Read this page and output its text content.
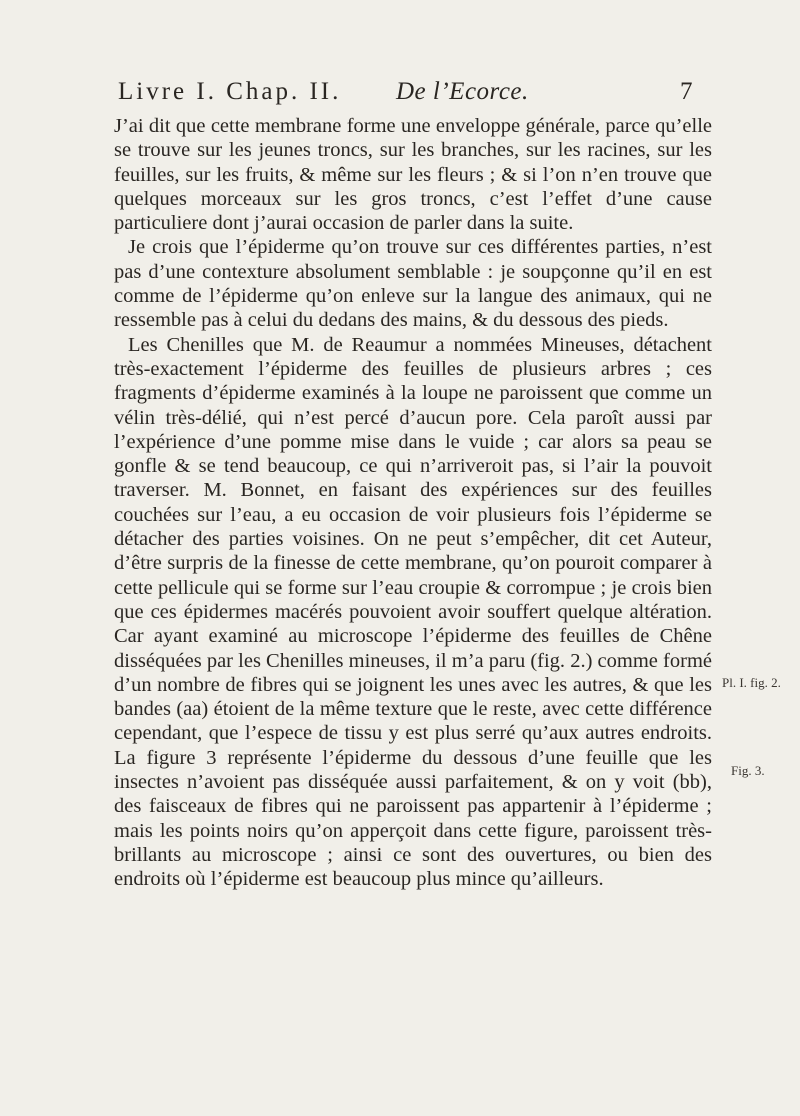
Livre I. Chap. II. De l’Ecorce.	7

J’ai dit que cette membrane forme une enveloppe générale, parce qu’elle se trouve sur les jeunes troncs, sur les branches, sur les racines, sur les feuilles, sur les fruits, & même sur les fleurs ; & si l’on n’en trouve que quelques morceaux sur les gros troncs, c’est l’effet d’une cause particuliere dont j’aurai occasion de parler dans la suite.

Je crois que l’épiderme qu’on trouve sur ces différentes parties, n’est pas d’une contexture absolument semblable : je soupçonne qu’il en est comme de l’épiderme qu’on enleve sur la langue des animaux, qui ne ressemble pas à celui du dedans des mains, & du dessous des pieds.

Les Chenilles que M. de Reaumur a nommées Mineuses, détachent très-exactement l’épiderme des feuilles de plusieurs arbres ; ces fragments d’épiderme examinés à la loupe ne paroissent que comme un vélin très-délié, qui n’est percé d’aucun pore. Cela paroît aussi par l’expérience d’une pomme mise dans le vuide ; car alors sa peau se gonfle & se tend beaucoup, ce qui n’arriveroit pas, si l’air la pouvoit traverser. M. Bonnet, en faisant des expériences sur des feuilles couchées sur l’eau, a eu occasion de voir plusieurs fois l’épiderme se détacher des parties voisines. On ne peut s’empêcher, dit cet Auteur, d’être surpris de la finesse de cette membrane, qu’on pouroit comparer à cette pellicule qui se forme sur l’eau croupie & corrompue ; je crois bien que ces épidermes macérés pouvoient avoir souffert quelque altération. Car ayant examiné au microscope l’épiderme des feuilles de Chêne disséquées par les Chenilles mineuses, il m’a paru (fig. 2.) comme formé d’un nombre de fibres qui se joignent les unes avec les autres, & que les bandes (aa) étoient de la même texture que le reste, avec cette différence cependant, que l’espece de tissu y est plus serré qu’aux autres endroits. La figure 3 représente l’épiderme du dessous d’une feuille que les insectes n’avoient pas disséquée aussi parfaitement, & on y voit (bb), des faisceaux de fibres qui ne paroissent pas appartenir à l’épiderme ; mais les points noirs qu’on apperçoit dans cette figure, paroissent très-brillants au microscope ; ainsi ce sont des ouvertures, ou bien des endroits où l’épiderme est beaucoup plus mince qu’ailleurs.

Pl. I. fig. 2.
Fig. 3.
